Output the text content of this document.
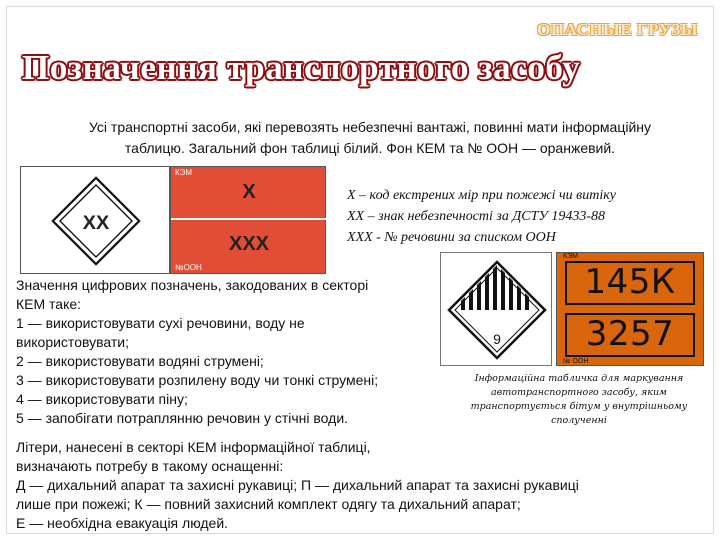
ОПАСНЫЕ ГРУЗЫ
Позначення транспортного засобу
Усі транспортні засоби, які перевозять небезпечні вантажі, повинні мати інформаційну
таблицю. Загальний фон таблиці білий. Фон КЕМ та № ООН — оранжевий.
XX
КЭМ
X
XXX
№ООН
X – код екстрених мір при пожежі чи витіку
XX – знак небезпечності за ДСТУ 19433-88
XXX - № речовини за списком ООН
Значення цифрових позначень, закодованих в секторі
КЕМ таке:
1 — використовувати сухі речовини, воду не
використовувати;
2 — використовувати водяні струмені;
3 — використовувати розпилену воду чи тонкі струмені;
4 — використовувати піну;
5 — запобігати потраплянню речовин у стічні води.
Літери, нанесені в секторі КЕМ інформаційної таблиці,
визначають потребу в такому оснащенні:
Д — дихальний апарат та захисні рукавиці; П — дихальний апарат та захисні рукавиці
лише при пожежі; К — повний захисний комплект одягу та дихальний апарат;
Е — необхідна евакуація людей.
9
КЭМ
145К
3257
№ ООН
Інформаційна табличка для маркування
автотранспортного засобу, яким
транспортується бітум у внутрішньому
сполученні
